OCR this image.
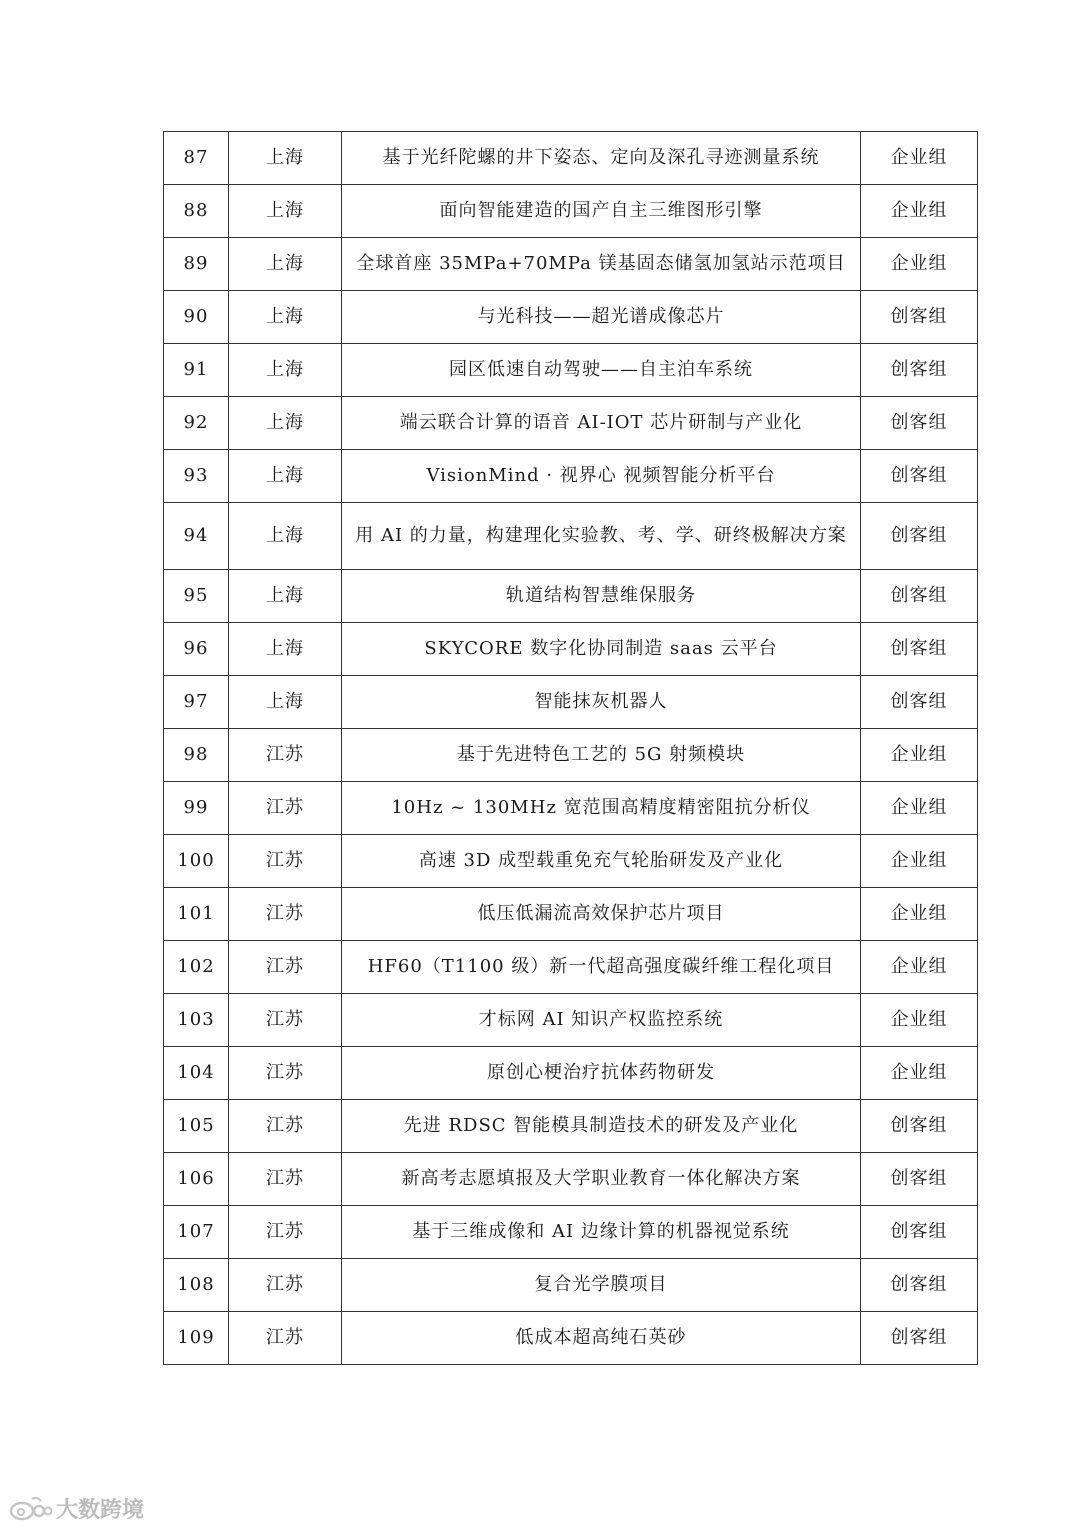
87	上海	基于光纤陀螺的井下姿态、定向及深孔寻迹测量系统	企业组
88	上海	面向智能建造的国产自主三维图形引擎	企业组
89	上海	全球首座 35MPa+70MPa 镁基固态储氢加氢站示范项目	企业组
90	上海	与光科技——超光谱成像芯片	创客组
91	上海	园区低速自动驾驶——自主泊车系统	创客组
92	上海	端云联合计算的语音 AI-IOT 芯片研制与产业化	创客组
93	上海	VisionMind · 视界心 视频智能分析平台	创客组
94	上海	用 AI 的力量，构建理化实验教、考、学、研终极解决方案	创客组
95	上海	轨道结构智慧维保服务	创客组
96	上海	SKYCORE 数字化协同制造 saas 云平台	创客组
97	上海	智能抹灰机器人	创客组
98	江苏	基于先进特色工艺的 5G 射频模块	企业组
99	江苏	10Hz ~ 130MHz 宽范围高精度精密阻抗分析仪	企业组
100	江苏	高速 3D 成型载重免充气轮胎研发及产业化	企业组
101	江苏	低压低漏流高效保护芯片项目	企业组
102	江苏	HF60（T1100 级）新一代超高强度碳纤维工程化项目	企业组
103	江苏	才标网 AI 知识产权监控系统	企业组
104	江苏	原创心梗治疗抗体药物研发	企业组
105	江苏	先进 RDSC 智能模具制造技术的研发及产业化	创客组
106	江苏	新高考志愿填报及大学职业教育一体化解决方案	创客组
107	江苏	基于三维成像和 AI 边缘计算的机器视觉系统	创客组
108	江苏	复合光学膜项目	创客组
109	江苏	低成本超高纯石英砂	创客组
大数跨境
